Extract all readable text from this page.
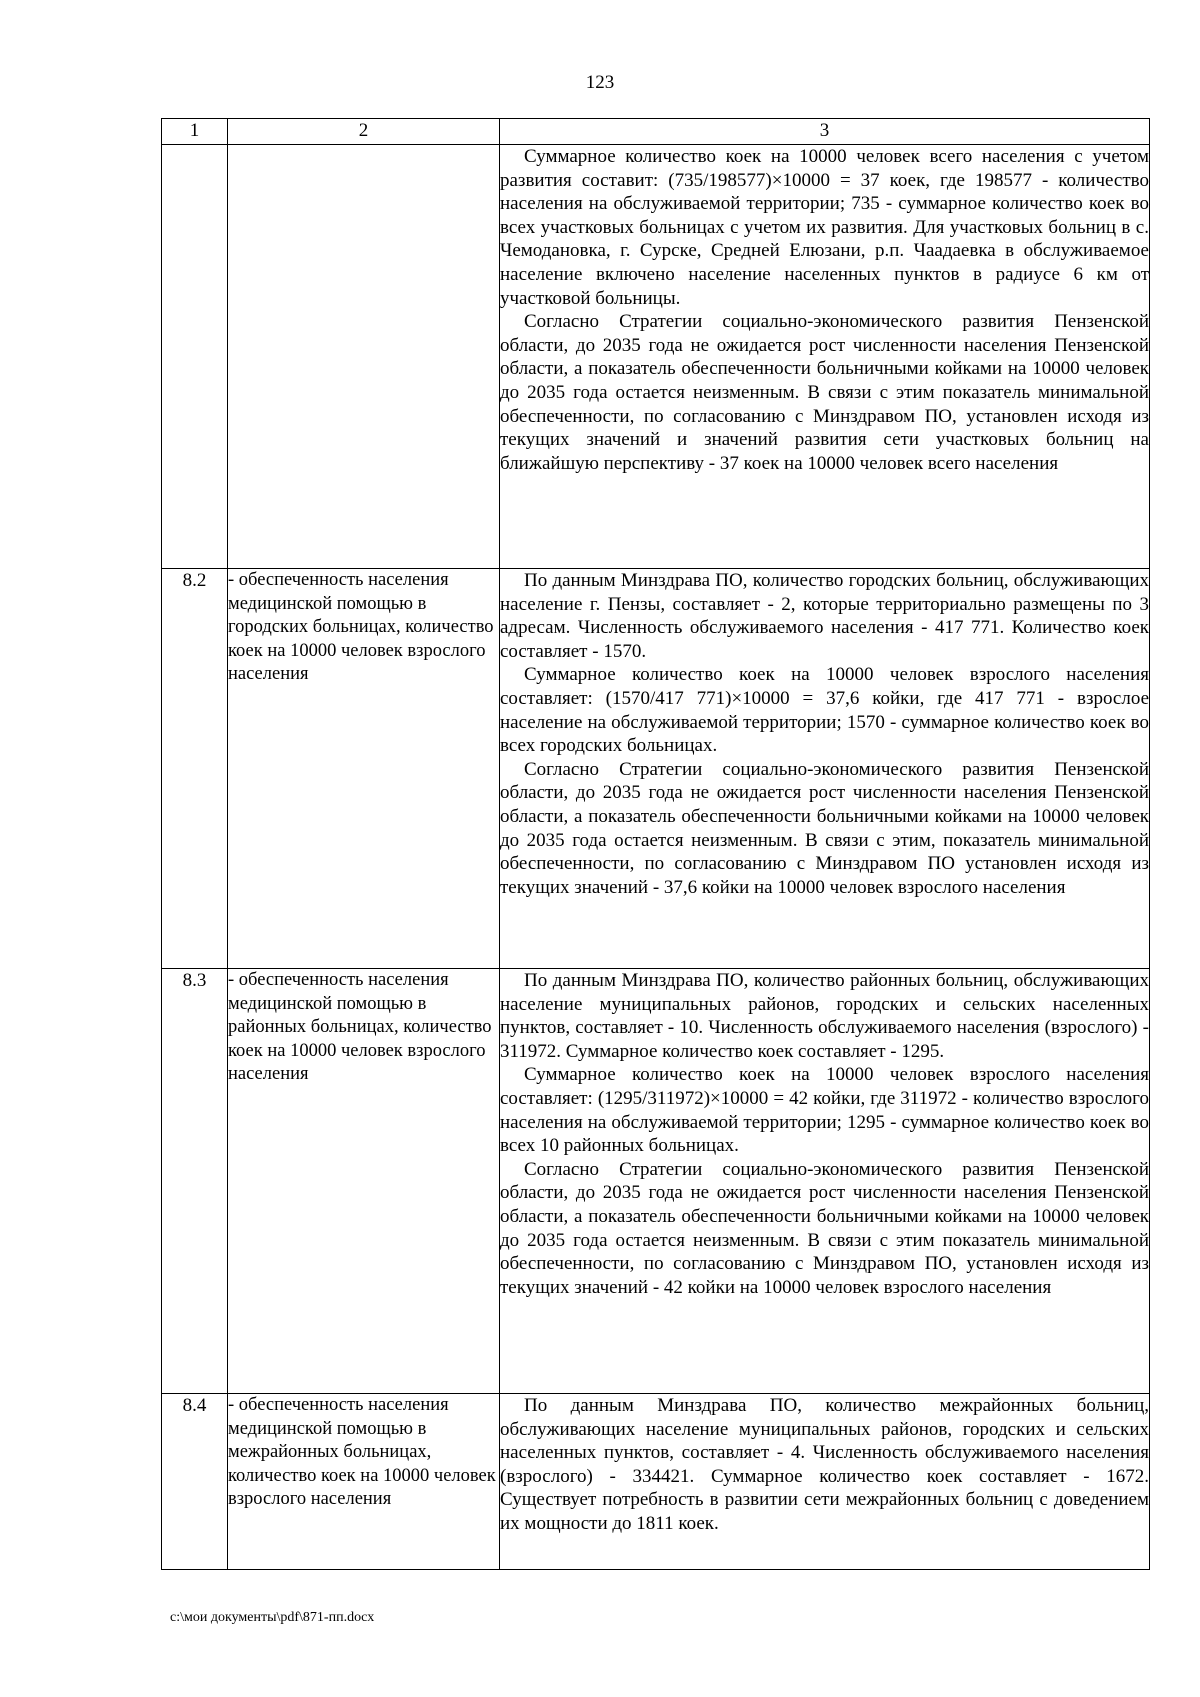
123
1	2	3

		Суммарное количество коек на 10000 человек всего населения с учетом развития составит: (735/198577)×10000 = 37 коек, где 198577 - количество населения на обслуживаемой территории; 735 - суммарное количество коек во всех участковых больницах с учетом их развития. Для участковых больниц в с. Чемодановка, г. Сурске, Средней Елюзани, р.п. Чаадаевка в обслуживаемое население включено население населенных пунктов в радиусе 6 км от участковой больницы.

Согласно Стратегии социально-экономического развития Пензенской области, до 2035 года не ожидается рост численности населения Пензенской области, а показатель обеспеченности больничными койками на 10000 человек до 2035 года остается неизменным. В связи с этим показатель минимальной обеспеченности, по согласованию с Минздравом ПО, установлен исходя из текущих значений и значений развития сети участковых больниц на ближайшую перспективу - 37 коек на 10000 человек всего населения

8.2	- обеспеченность населения медицинской помощью в городских больницах, количество коек на 10000 человек взрослого населения	По данным Минздрава ПО, количество городских больниц, обслуживающих население г. Пензы, составляет - 2, которые территориально размещены по 3 адресам. Численность обслуживаемого населения - 417 771. Количество коек составляет - 1570.

Суммарное количество коек на 10000 человек взрослого населения составляет: (1570/417 771)×10000 = 37,6 койки, где 417 771 - взрослое население на обслуживаемой территории; 1570 - суммарное количество коек во всех городских больницах.

Согласно Стратегии социально-экономического развития Пензенской области, до 2035 года не ожидается рост численности населения Пензенской области, а показатель обеспеченности больничными койками на 10000 человек до 2035 года остается неизменным. В связи с этим, показатель минимальной обеспеченности, по согласованию с Минздравом ПО установлен исходя из текущих значений - 37,6 койки на 10000 человек взрослого населения

8.3	- обеспеченность населения медицинской помощью в районных больницах, количество коек на 10000 человек взрослого населения	По данным Минздрава ПО, количество районных больниц, обслуживающих население муниципальных районов, городских и сельских населенных пунктов, составляет - 10. Численность обслуживаемого населения (взрослого) - 311972. Суммарное количество коек составляет - 1295.

Суммарное количество коек на 10000 человек взрослого населения составляет: (1295/311972)×10000 = 42 койки, где 311972 - количество взрослого населения на обслуживаемой территории; 1295 - суммарное количество коек во всех 10 районных больницах.

Согласно Стратегии социально-экономического развития Пензенской области, до 2035 года не ожидается рост численности населения Пензенской области, а показатель обеспеченности больничными койками на 10000 человек до 2035 года остается неизменным. В связи с этим показатель минимальной обеспеченности, по согласованию с Минздравом ПО, установлен исходя из текущих значений - 42 койки на 10000 человек взрослого населения

8.4	- обеспеченность населения медицинской помощью в межрайонных больницах, количество коек на 10000 человек взрослого населения	По данным Минздрава ПО, количество межрайонных больниц, обслуживающих население муниципальных районов, городских и сельских населенных пунктов, составляет - 4. Численность обслуживаемого населения (взрослого) - 334421. Суммарное количество коек составляет - 1672. Существует потребность в развитии сети межрайонных больниц с доведением их мощности до 1811 коек.

c:\мои документы\pdf\871-пп.docx
